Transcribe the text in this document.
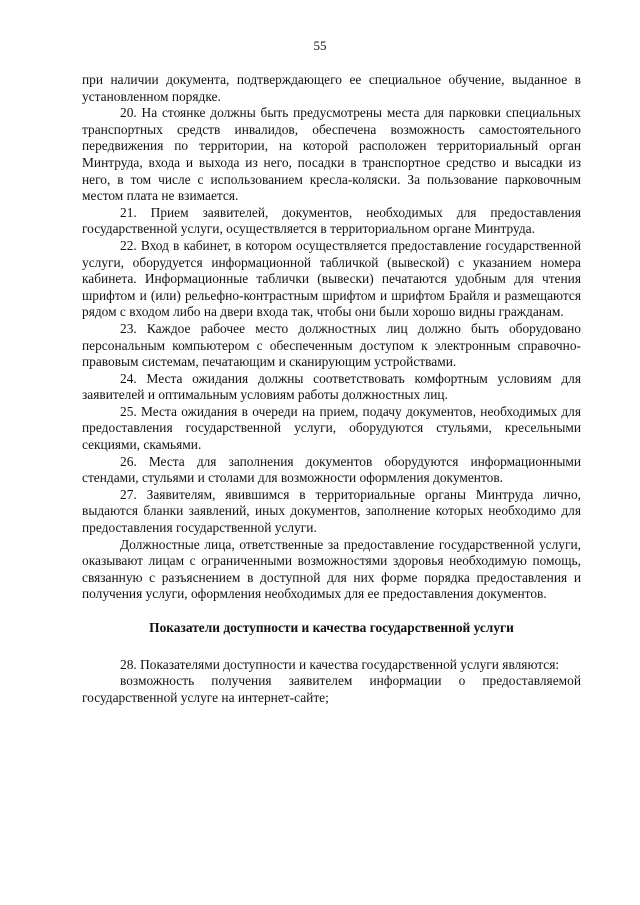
55

при наличии документа, подтверждающего ее специальное обучение, выданное в установленном порядке.

20. На стоянке должны быть предусмотрены места для парковки специальных транспортных средств инвалидов, обеспечена возможность самостоятельного передвижения по территории, на которой расположен территориальный орган Минтруда, входа и выхода из него, посадки в транспортное средство и высадки из него, в том числе с использованием кресла-коляски. За пользование парковочным местом плата не взимается.

21. Прием заявителей, документов, необходимых для предоставления государственной услуги, осуществляется в территориальном органе Минтруда.

22. Вход в кабинет, в котором осуществляется предоставление государственной услуги, оборудуется информационной табличкой (вывеской) с указанием номера кабинета. Информационные таблички (вывески) печатаются удобным для чтения шрифтом и (или) рельефно-контрастным шрифтом и шрифтом Брайля и размещаются рядом с входом либо на двери входа так, чтобы они были хорошо видны гражданам.

23. Каждое рабочее место должностных лиц должно быть оборудовано персональным компьютером с обеспеченным доступом к электронным справочно-правовым системам, печатающим и сканирующим устройствами.

24. Места ожидания должны соответствовать комфортным условиям для заявителей и оптимальным условиям работы должностных лиц.

25. Места ожидания в очереди на прием, подачу документов, необходимых для предоставления государственной услуги, оборудуются стульями, кресельными секциями, скамьями.

26. Места для заполнения документов оборудуются информационными стендами, стульями и столами для возможности оформления документов.

27. Заявителям, явившимся в территориальные органы Минтруда лично, выдаются бланки заявлений, иных документов, заполнение которых необходимо для предоставления государственной услуги.

Должностные лица, ответственные за предоставление государственной услуги, оказывают лицам с ограниченными возможностями здоровья необходимую помощь, связанную с разъяснением в доступной для них форме порядка предоставления и получения услуги, оформления необходимых для ее предоставления документов.

Показатели доступности и качества государственной услуги

28. Показателями доступности и качества государственной услуги являются:

возможность получения заявителем информации о предоставляемой государственной услуге на интернет-сайте;
